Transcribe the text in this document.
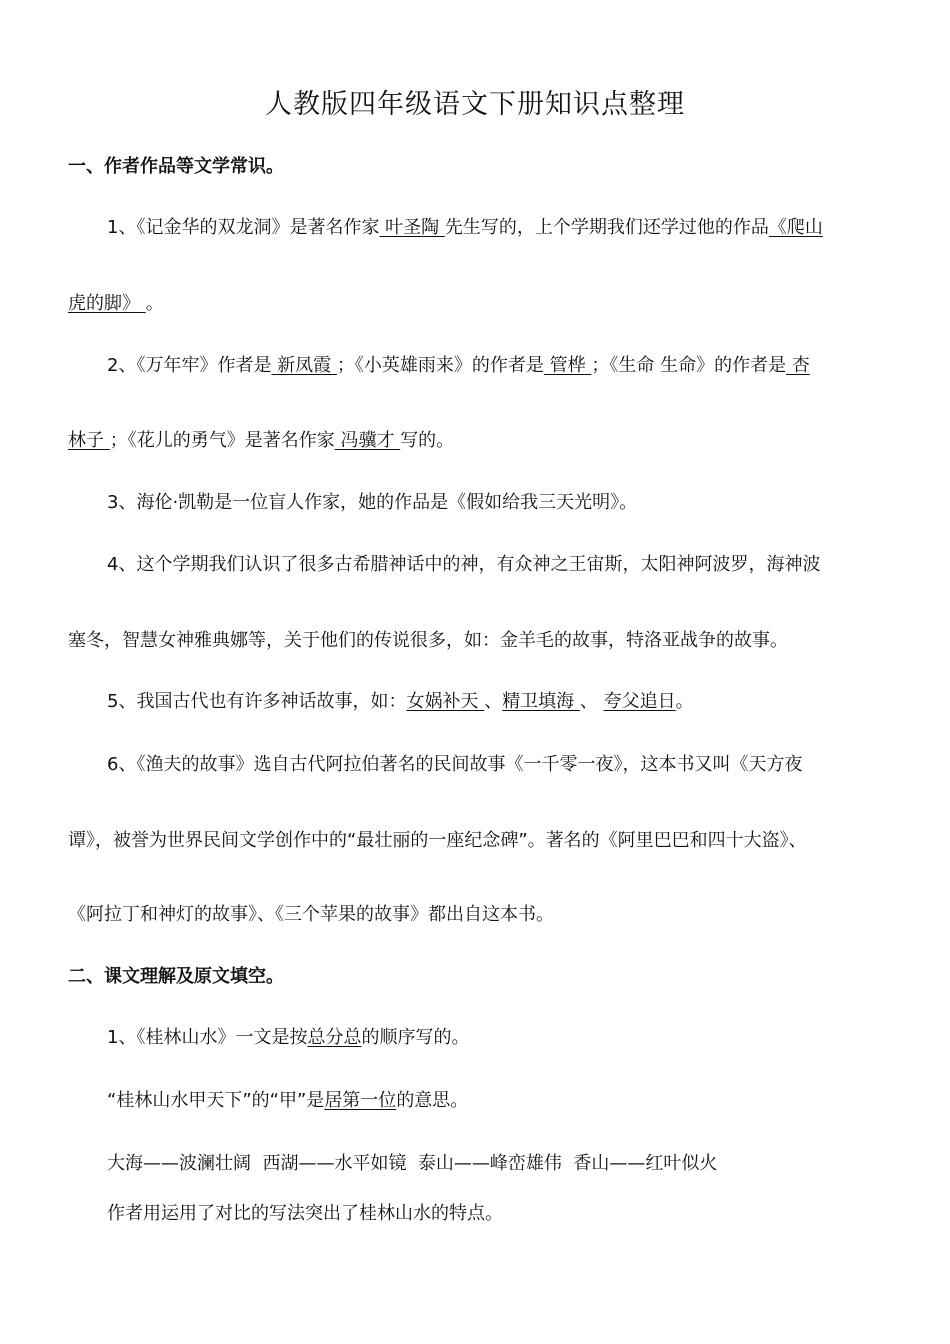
人教版四年级语文下册知识点整理
一、作者作品等文学常识。
1、《记金华的双龙洞》是著名作家 叶圣陶 先生写的，上个学期我们还学过他的作品《爬山
虎的脚》 。
2、《万年牢》作者是 新凤霞 ；《小英雄雨来》的作者是 管桦 ；《生命 生命》的作者是 杏
林子 ；《花儿的勇气》是著名作家 冯骥才 写的。
3、海伦·凯勒是一位盲人作家，她的作品是《假如给我三天光明》。
4、这个学期我们认识了很多古希腊神话中的神，有众神之王宙斯，太阳神阿波罗，海神波
塞冬，智慧女神雅典娜等，关于他们的传说很多，如：金羊毛的故事，特洛亚战争的故事。
5、我国古代也有许多神话故事，如：女娲补天 、精卫填海 、 夸父追日。
6、《渔夫的故事》选自古代阿拉伯著名的民间故事《一千零一夜》，这本书又叫《天方夜
谭》，被誉为世界民间文学创作中的“最壮丽的一座纪念碑”。著名的《阿里巴巴和四十大盗》、
《阿拉丁和神灯的故事》、《三个苹果的故事》都出自这本书。
二、课文理解及原文填空。
1、《桂林山水》一文是按总分总的顺序写的。
“桂林山水甲天下”的“甲”是居第一位的意思。
大海——波澜壮阔  西湖——水平如镜  泰山——峰峦雄伟  香山——红叶似火
作者用运用了对比的写法突出了桂林山水的特点。
